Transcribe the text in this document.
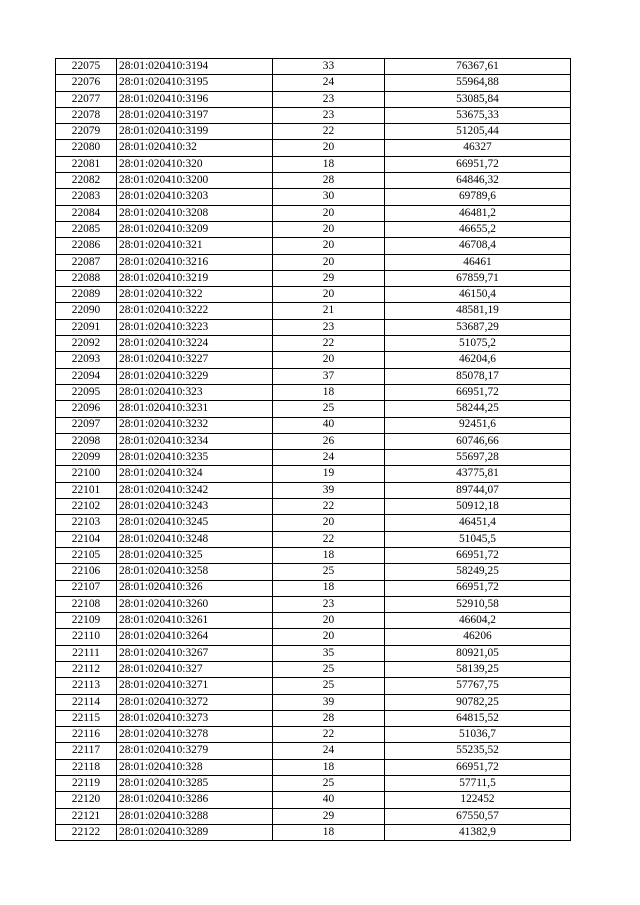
22075	28:01:020410:3194	33	76367,61
22076	28:01:020410:3195	24	55964,88
22077	28:01:020410:3196	23	53085,84
22078	28:01:020410:3197	23	53675,33
22079	28:01:020410:3199	22	51205,44
22080	28:01:020410:32	20	46327
22081	28:01:020410:320	18	66951,72
22082	28:01:020410:3200	28	64846,32
22083	28:01:020410:3203	30	69789,6
22084	28:01:020410:3208	20	46481,2
22085	28:01:020410:3209	20	46655,2
22086	28:01:020410:321	20	46708,4
22087	28:01:020410:3216	20	46461
22088	28:01:020410:3219	29	67859,71
22089	28:01:020410:322	20	46150,4
22090	28:01:020410:3222	21	48581,19
22091	28:01:020410:3223	23	53687,29
22092	28:01:020410:3224	22	51075,2
22093	28:01:020410:3227	20	46204,6
22094	28:01:020410:3229	37	85078,17
22095	28:01:020410:323	18	66951,72
22096	28:01:020410:3231	25	58244,25
22097	28:01:020410:3232	40	92451,6
22098	28:01:020410:3234	26	60746,66
22099	28:01:020410:3235	24	55697,28
22100	28:01:020410:324	19	43775,81
22101	28:01:020410:3242	39	89744,07
22102	28:01:020410:3243	22	50912,18
22103	28:01:020410:3245	20	46451,4
22104	28:01:020410:3248	22	51045,5
22105	28:01:020410:325	18	66951,72
22106	28:01:020410:3258	25	58249,25
22107	28:01:020410:326	18	66951,72
22108	28:01:020410:3260	23	52910,58
22109	28:01:020410:3261	20	46604,2
22110	28:01:020410:3264	20	46206
22111	28:01:020410:3267	35	80921,05
22112	28:01:020410:327	25	58139,25
22113	28:01:020410:3271	25	57767,75
22114	28:01:020410:3272	39	90782,25
22115	28:01:020410:3273	28	64815,52
22116	28:01:020410:3278	22	51036,7
22117	28:01:020410:3279	24	55235,52
22118	28:01:020410:328	18	66951,72
22119	28:01:020410:3285	25	57711,5
22120	28:01:020410:3286	40	122452
22121	28:01:020410:3288	29	67550,57
22122	28:01:020410:3289	18	41382,9
